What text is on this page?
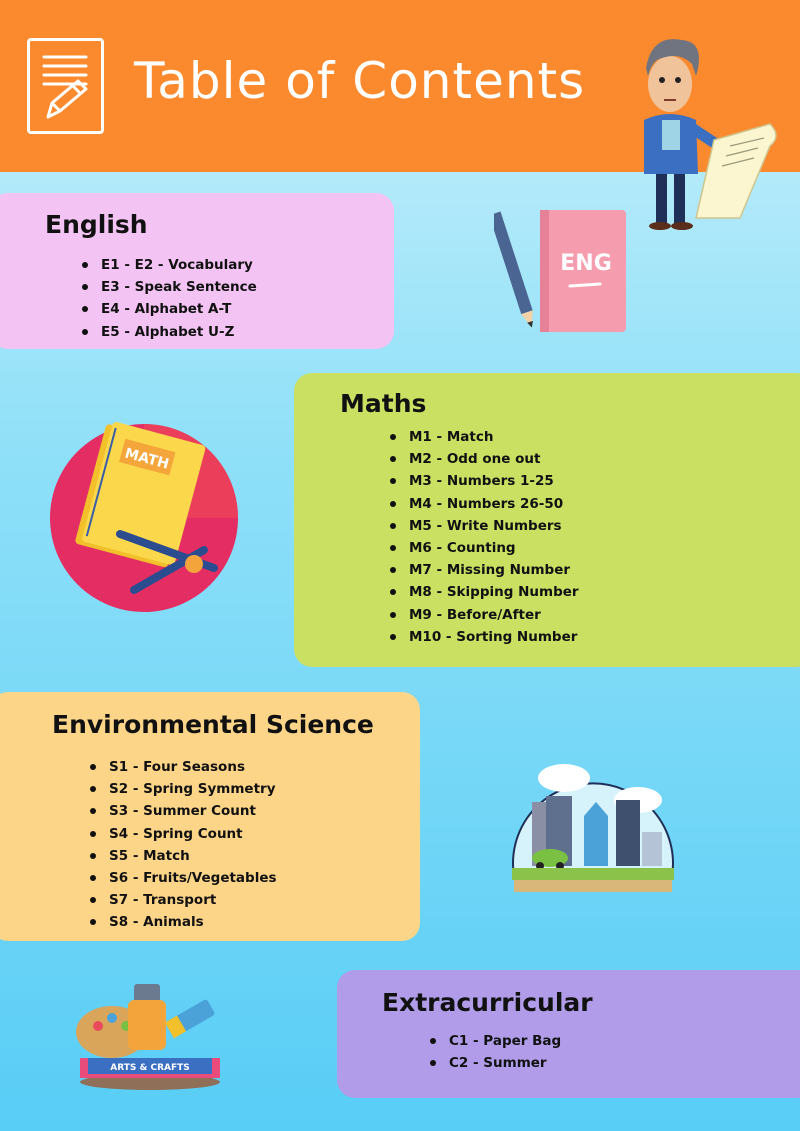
Table of Contents
English
E1 - E2 - Vocabulary
E3 - Speak Sentence
E4 - Alphabet A-T
E5 - Alphabet U-Z
ENG
MATH
Maths
M1 - Match
M2 - Odd one out
M3 - Numbers 1-25
M4 - Numbers 26-50
M5 - Write Numbers
M6 - Counting
M7 - Missing Number
M8 - Skipping Number
M9 - Before/After
M10 - Sorting Number
Environmental Science
S1 - Four Seasons
S2 - Spring Symmetry
S3 - Summer Count
S4 - Spring Count
S5 - Match
S6 - Fruits/Vegetables
S7 - Transport
S8 - Animals
ARTS & CRAFTS
Extracurricular
C1 - Paper Bag
C2 - Summer
